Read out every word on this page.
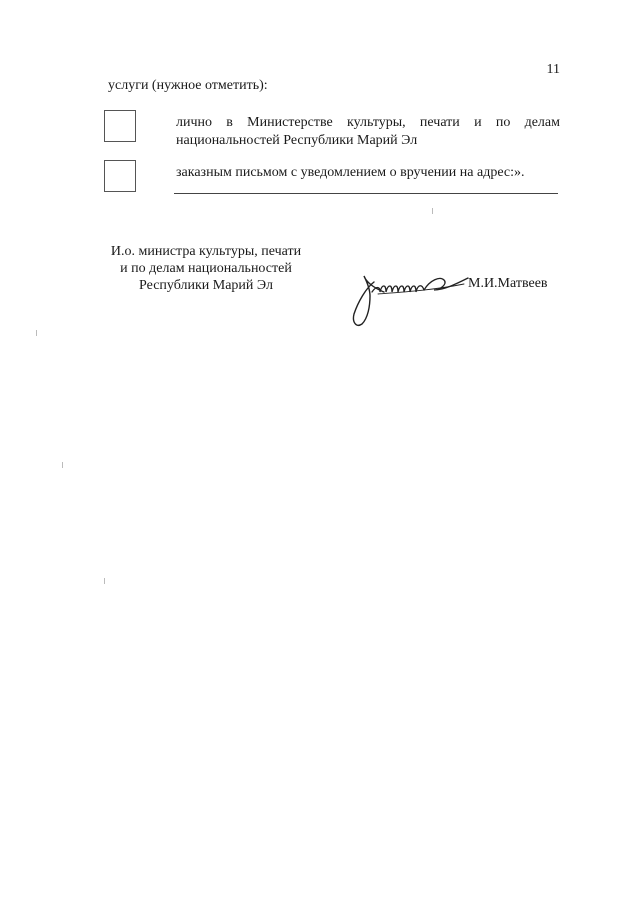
11
услуги (нужное отметить):
лично в Министерстве культуры, печати и по делам национальностей Республики Марий Эл
заказным письмом с уведомлением о вручении на адрес:».
И.о. министра культуры, печати
и по делам национальностей
Республики Марий Эл	М.И.Матвеев
